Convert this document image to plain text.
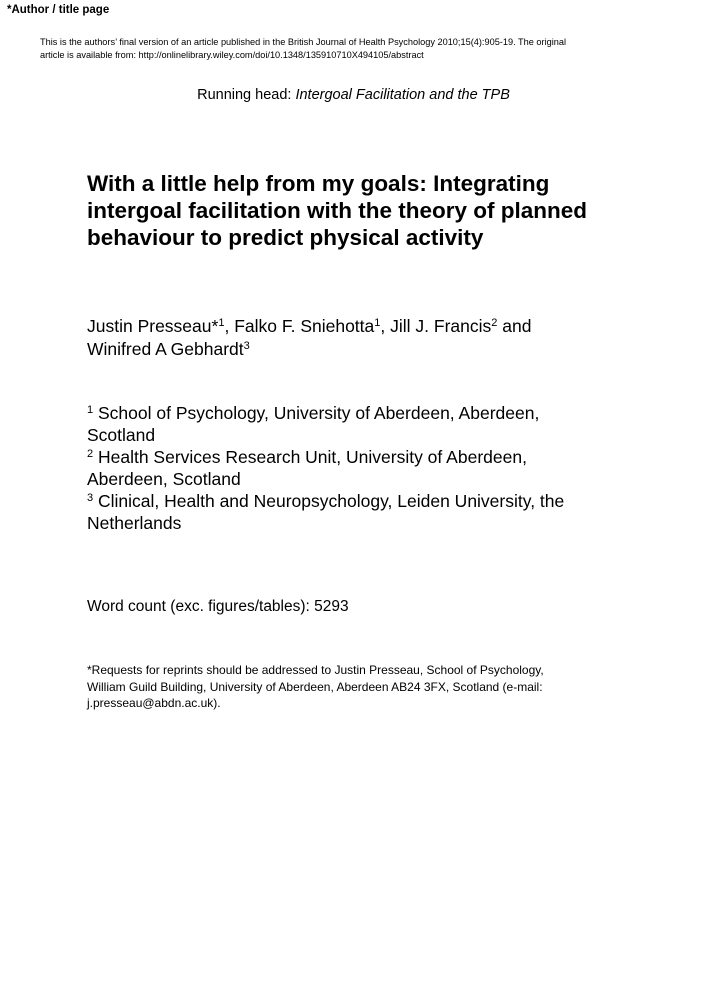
*Author / title page
This is the authors’ final version of an article published in the British Journal of Health Psychology 2010;15(4):905-19. The original
article is available from: http://onlinelibrary.wiley.com/doi/10.1348/135910710X494105/abstract
Running head: Intergoal Facilitation and the TPB
With a little help from my goals: Integrating
intergoal facilitation with the theory of planned
behaviour to predict physical activity
Justin Presseau*$^1$, Falko F. Sniehotta$^1$, Jill J. Francis$^2$ and
Winifred A Gebhardt$^3$
$^1$ School of Psychology, University of Aberdeen, Aberdeen,
Scotland
$^2$ Health Services Research Unit, University of Aberdeen,
Aberdeen, Scotland
$^3$ Clinical, Health and Neuropsychology, Leiden University, the
Netherlands
Word count (exc. figures/tables): 5293
*Requests for reprints should be addressed to Justin Presseau, School of Psychology,
William Guild Building, University of Aberdeen, Aberdeen AB24 3FX, Scotland (e-mail:
j.presseau@abdn.ac.uk).
